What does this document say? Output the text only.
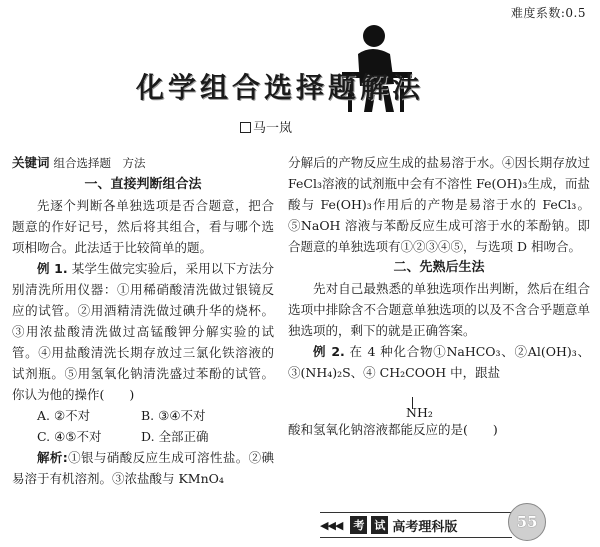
难度系数:0.5
化学组合选择题解法
马一岚

关键词 组合选择题　方法

一、直接判断组合法

先逐个判断各单独选项是否合题意，把合题意的作好记号，然后将其组合，看与哪个选项相吻合。此法适于比较简单的题。

例 1. 某学生做完实验后，采用以下方法分别清洗所用仪器：①用稀硝酸清洗做过银镜反应的试管。②用酒精清洗做过碘升华的烧杯。③用浓盐酸清洗做过高锰酸钾分解实验的试管。④用盐酸清洗长期存放过三氯化铁溶液的试剂瓶。⑤用氢氧化钠清洗盛过苯酚的试管。你认为他的操作(　　)

A. ②不对	B. ③④不对
C. ④⑤不对	D. 全部正确

解析:①银与硝酸反应生成可溶性盐。②碘易溶于有机溶剂。③浓盐酸与 KMnO₄

分解后的产物反应生成的盐易溶于水。④因长期存放过 FeCl₃溶液的试剂瓶中会有不溶性 Fe(OH)₃生成，而盐酸与 Fe(OH)₃作用后的产物是易溶于水的 FeCl₃。⑤NaOH 溶液与苯酚反应生成可溶于水的苯酚钠。即合题意的单独选项有①②③④⑤，与选项 D 相吻合。

二、先熟后生法

先对自己最熟悉的单独选项作出判断，然后在组合选项中排除含不合题意单独选项的以及不含合乎题意单独选项的，剩下的就是正确答案。

例 2. 在 4 种化合物①NaHCO₃、②Al(OH)₃、③(NH₄)₂S、④ CH₂COOH 中，跟盐

NH₂

酸和氢氧化钠溶液都能反应的是(　　)

◀◀◀ 考 试 高考理科版	55
